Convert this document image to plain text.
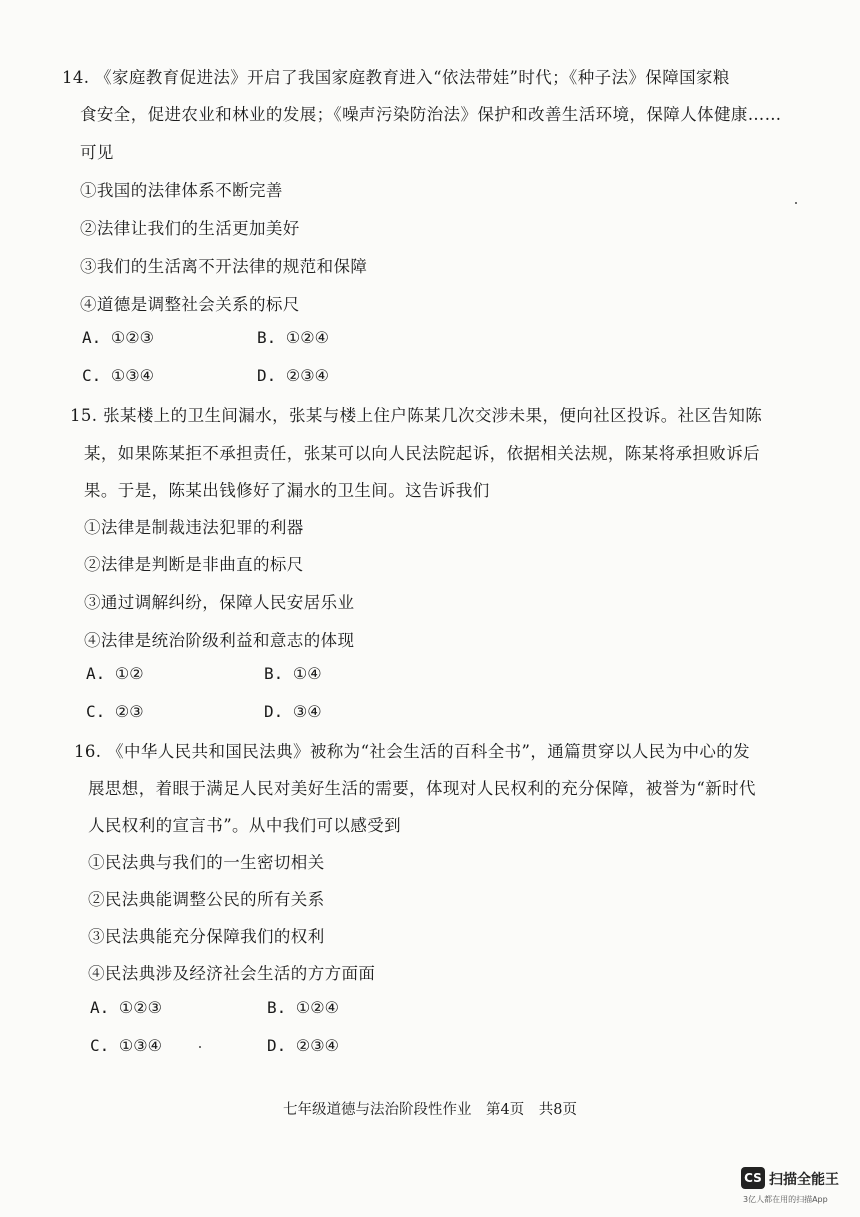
14. 《家庭教育促进法》开启了我国家庭教育进入“依法带娃”时代；《种子法》保障国家粮
食安全，促进农业和林业的发展；《噪声污染防治法》保护和改善生活环境，保障人体健康……
可见
①我国的法律体系不断完善
②法律让我们的生活更加美好
③我们的生活离不开法律的规范和保障
④道德是调整社会关系的标尺
A. ①②③	B. ①②④
C. ①③④	D. ②③④
15. 张某楼上的卫生间漏水，张某与楼上住户陈某几次交涉未果，便向社区投诉。社区告知陈
某，如果陈某拒不承担责任，张某可以向人民法院起诉，依据相关法规，陈某将承担败诉后
果。于是，陈某出钱修好了漏水的卫生间。这告诉我们
①法律是制裁违法犯罪的利器
②法律是判断是非曲直的标尺
③通过调解纠纷，保障人民安居乐业
④法律是统治阶级利益和意志的体现
A. ①②	B. ①④
C. ②③	D. ③④
16. 《中华人民共和国民法典》被称为“社会生活的百科全书”，通篇贯穿以人民为中心的发
展思想，着眼于满足人民对美好生活的需要，体现对人民权利的充分保障，被誉为“新时代
人民权利的宣言书”。从中我们可以感受到
①民法典与我们的一生密切相关
②民法典能调整公民的所有关系
③民法典能充分保障我们的权利
④民法典涉及经济社会生活的方方面面
A. ①②③	B. ①②④
C. ①③④	D. ②③④
七年级道德与法治阶段性作业　第4页　共8页
CS 扫描全能王
3亿人都在用的扫描App
